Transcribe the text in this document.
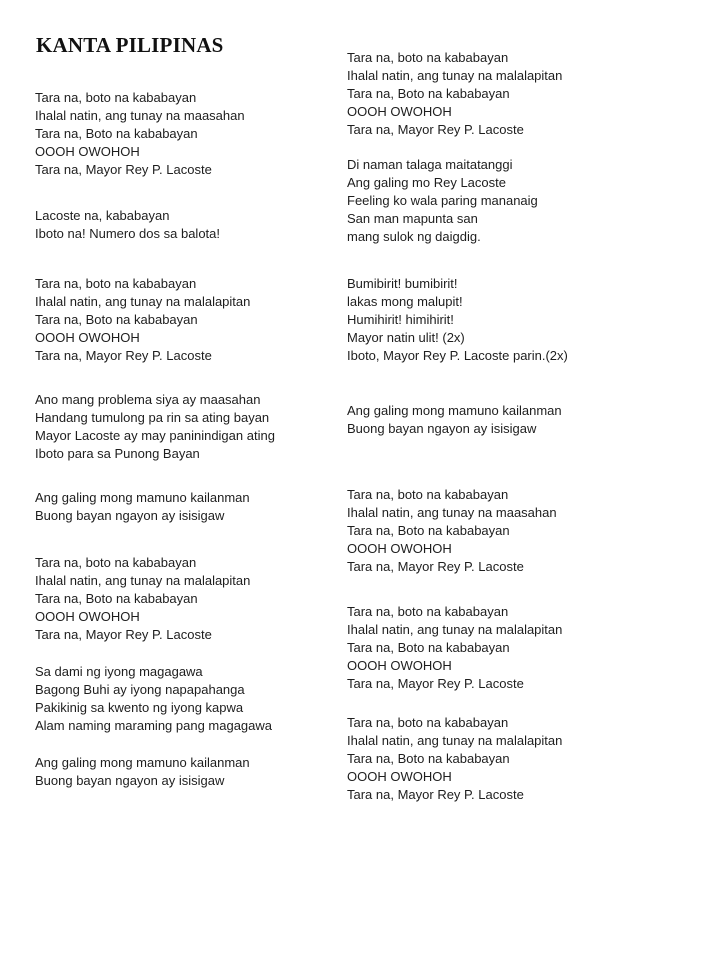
KANTA PILIPINAS
Tara na, boto na kababayan
Ihalal natin, ang tunay na maasahan
Tara na, Boto na kababayan
OOOH OWOHOH
Tara na, Mayor Rey P. Lacoste
Lacoste na, kababayan
Iboto na! Numero dos sa balota!
Tara na, boto na kababayan
Ihalal natin, ang tunay na malalapitan
Tara na, Boto na kababayan
OOOH OWOHOH
Tara na, Mayor Rey P. Lacoste
Ano mang problema siya ay maasahan
Handang tumulong pa rin sa ating bayan
Mayor Lacoste ay may paninindigan ating
Iboto para sa Punong Bayan
Ang galing mong mamuno kailanman
Buong bayan ngayon ay isisigaw
Tara na, boto na kababayan
Ihalal natin, ang tunay na malalapitan
Tara na, Boto na kababayan
OOOH OWOHOH
Tara na, Mayor Rey P. Lacoste
Sa dami ng iyong magagawa
Bagong Buhi ay iyong napapahanga
Pakikinig sa kwento ng iyong kapwa
Alam naming maraming pang magagawa
Ang galing mong mamuno kailanman
Buong bayan ngayon ay isisigaw
Tara na, boto na kababayan
Ihalal natin, ang tunay na malalapitan
Tara na, Boto na kababayan
OOOH OWOHOH
Tara na, Mayor Rey P. Lacoste
Di naman talaga maitatanggi
Ang galing mo Rey Lacoste
Feeling ko wala paring mananaig
San man mapunta san
mang sulok ng daigdig.
Bumibirit! bumibirit!
lakas mong malupit!
Humihirit! himihirit!
Mayor natin ulit! (2x)
Iboto, Mayor Rey P. Lacoste parin.(2x)
Ang galing mong mamuno kailanman
Buong bayan ngayon ay isisigaw
Tara na, boto na kababayan
Ihalal natin, ang tunay na maasahan
Tara na, Boto na kababayan
OOOH OWOHOH
Tara na, Mayor Rey P. Lacoste
Tara na, boto na kababayan
Ihalal natin, ang tunay na malalapitan
Tara na, Boto na kababayan
OOOH OWOHOH
Tara na, Mayor Rey P. Lacoste
Tara na, boto na kababayan
Ihalal natin, ang tunay na malalapitan
Tara na, Boto na kababayan
OOOH OWOHOH
Tara na, Mayor Rey P. Lacoste
